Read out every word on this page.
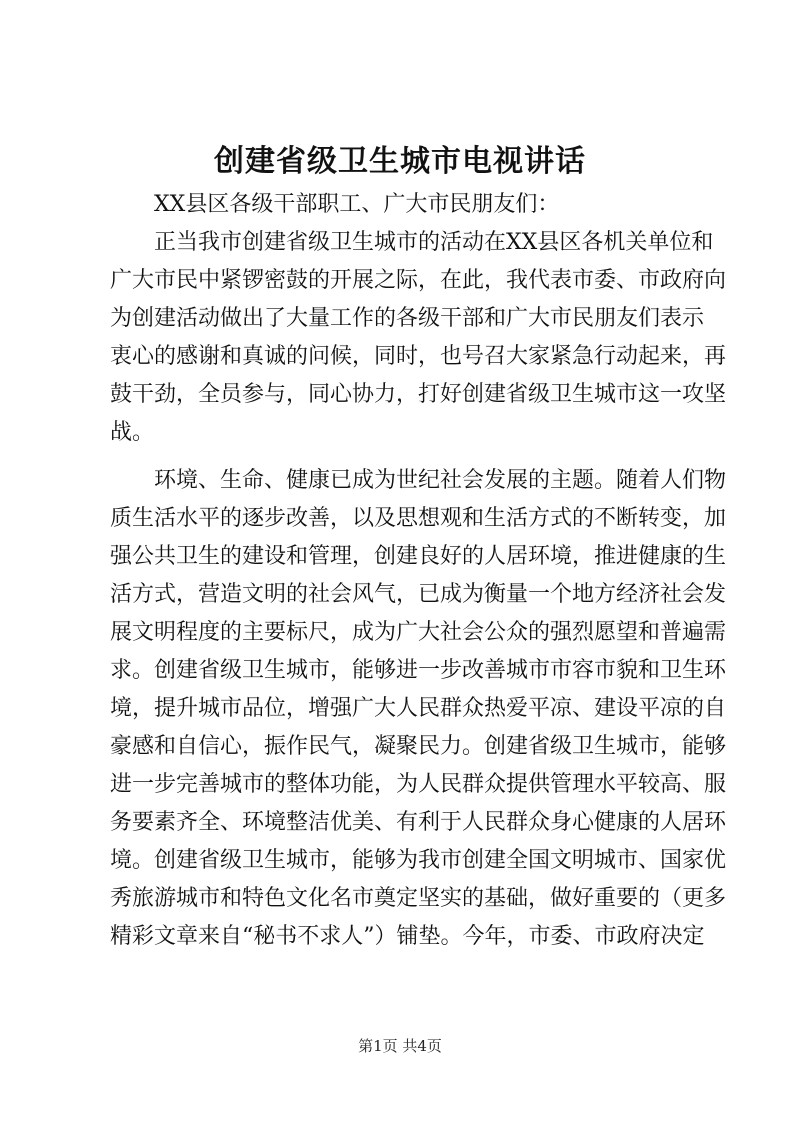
创建省级卫生城市电视讲话
XX县区各级干部职工、广大市民朋友们：
正当我市创建省级卫生城市的活动在XX县区各机关单位和
广大市民中紧锣密鼓的开展之际，在此，我代表市委、市政府向
为创建活动做出了大量工作的各级干部和广大市民朋友们表示
衷心的感谢和真诚的问候，同时，也号召大家紧急行动起来，再
鼓干劲，全员参与，同心协力，打好创建省级卫生城市这一攻坚
战。
环境、生命、健康已成为世纪社会发展的主题。随着人们物
质生活水平的逐步改善，以及思想观和生活方式的不断转变，加
强公共卫生的建设和管理，创建良好的人居环境，推进健康的生
活方式，营造文明的社会风气，已成为衡量一个地方经济社会发
展文明程度的主要标尺，成为广大社会公众的强烈愿望和普遍需
求。创建省级卫生城市，能够进一步改善城市市容市貌和卫生环
境，提升城市品位，增强广大人民群众热爱平凉、建设平凉的自
豪感和自信心，振作民气，凝聚民力。创建省级卫生城市，能够
进一步完善城市的整体功能，为人民群众提供管理水平较高、服
务要素齐全、环境整洁优美、有利于人民群众身心健康的人居环
境。创建省级卫生城市，能够为我市创建全国文明城市、国家优
秀旅游城市和特色文化名市奠定坚实的基础，做好重要的（更多
精彩文章来自“秘书不求人”）铺垫。今年，市委、市政府决定
第1页 共4页
